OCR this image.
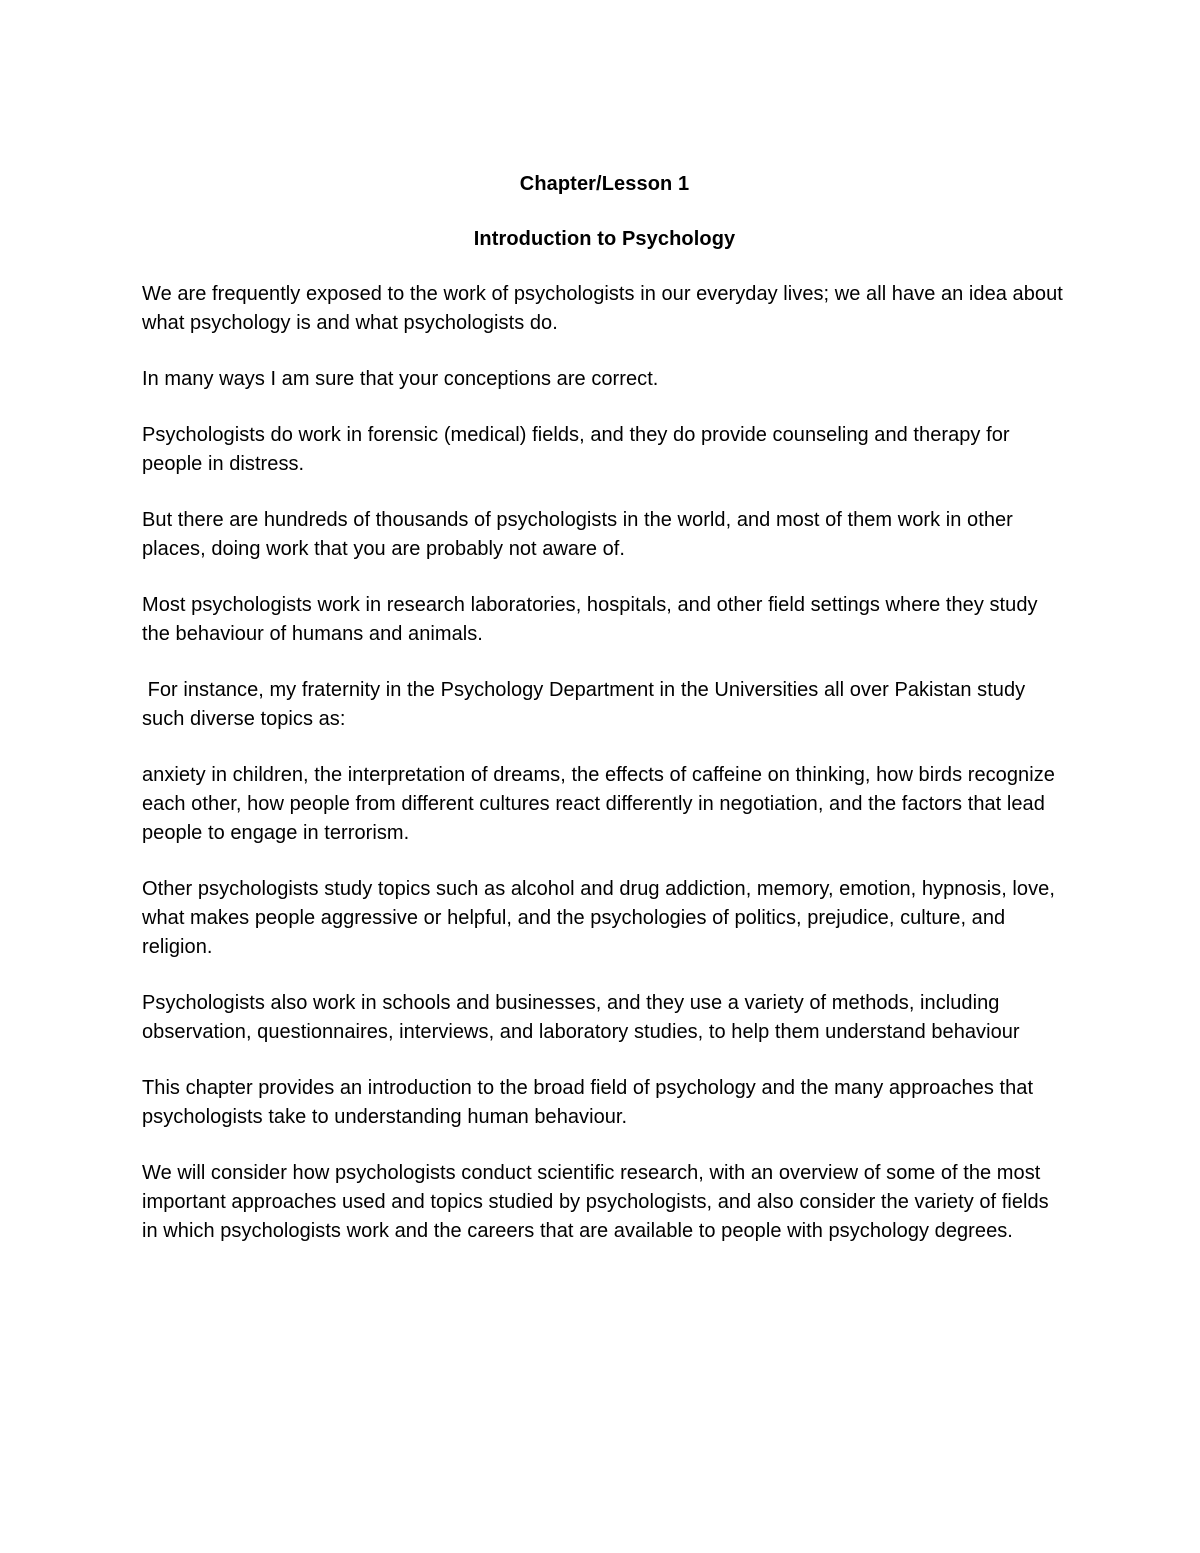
Chapter/Lesson 1

Introduction to Psychology

We are frequently exposed to the work of psychologists in our everyday lives; we all have an idea about what psychology is and what psychologists do.

In many ways I am sure that your conceptions are correct.

Psychologists do work in forensic (medical) fields, and they do provide counseling and therapy for people in distress.

But there are hundreds of thousands of psychologists in the world, and most of them work in other places, doing work that you are probably not aware of.

Most psychologists work in research laboratories, hospitals, and other field settings where they study the behaviour of humans and animals.

For instance, my fraternity in the Psychology Department in the Universities all over Pakistan study such diverse topics as:

anxiety in children, the interpretation of dreams, the effects of caffeine on thinking, how birds recognize each other, how people from different cultures react differently in negotiation, and the factors that lead people to engage in terrorism.

Other psychologists study topics such as alcohol and drug addiction, memory, emotion, hypnosis, love, what makes people aggressive or helpful, and the psychologies of politics, prejudice, culture, and religion.

Psychologists also work in schools and businesses, and they use a variety of methods, including observation, questionnaires, interviews, and laboratory studies, to help them understand behaviour

This chapter provides an introduction to the broad field of psychology and the many approaches that psychologists take to understanding human behaviour.

We will consider how psychologists conduct scientific research, with an overview of some of the most important approaches used and topics studied by psychologists, and also consider the variety of fields in which psychologists work and the careers that are available to people with psychology degrees.
